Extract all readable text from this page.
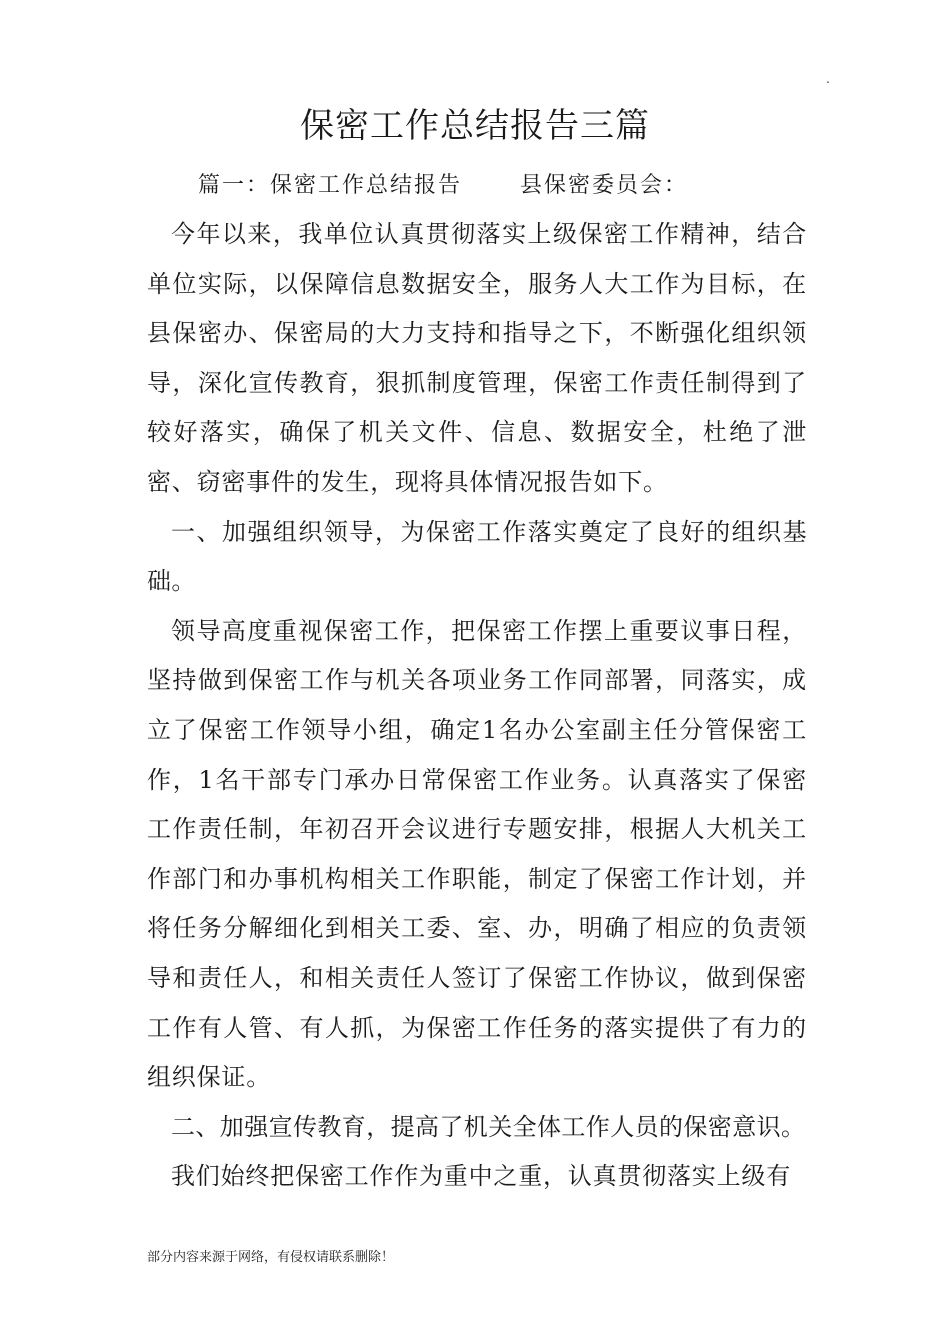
.
保密工作总结报告三篇
篇一：保密工作总结报告	县保密委员会：

今年以来，我单位认真贯彻落实上级保密工作精神，结合单位实际，以保障信息数据安全，服务人大工作为目标，在县保密办、保密局的大力支持和指导之下，不断强化组织领导，深化宣传教育，狠抓制度管理，保密工作责任制得到了较好落实，确保了机关文件、信息、数据安全，杜绝了泄密、窃密事件的发生，现将具体情况报告如下。

一、加强组织领导，为保密工作落实奠定了良好的组织基础。

领导高度重视保密工作，把保密工作摆上重要议事日程，坚持做到保密工作与机关各项业务工作同部署，同落实，成立了保密工作领导小组，确定1名办公室副主任分管保密工作，1名干部专门承办日常保密工作业务。认真落实了保密工作责任制，年初召开会议进行专题安排，根据人大机关工作部门和办事机构相关工作职能，制定了保密工作计划，并将任务分解细化到相关工委、室、办，明确了相应的负责领导和责任人，和相关责任人签订了保密工作协议，做到保密工作有人管、有人抓，为保密工作任务的落实提供了有力的组织保证。

二、加强宣传教育，提高了机关全体工作人员的保密意识。

我们始终把保密工作作为重中之重，认真贯彻落实上级有

部分内容来源于网络，有侵权请联系删除！
